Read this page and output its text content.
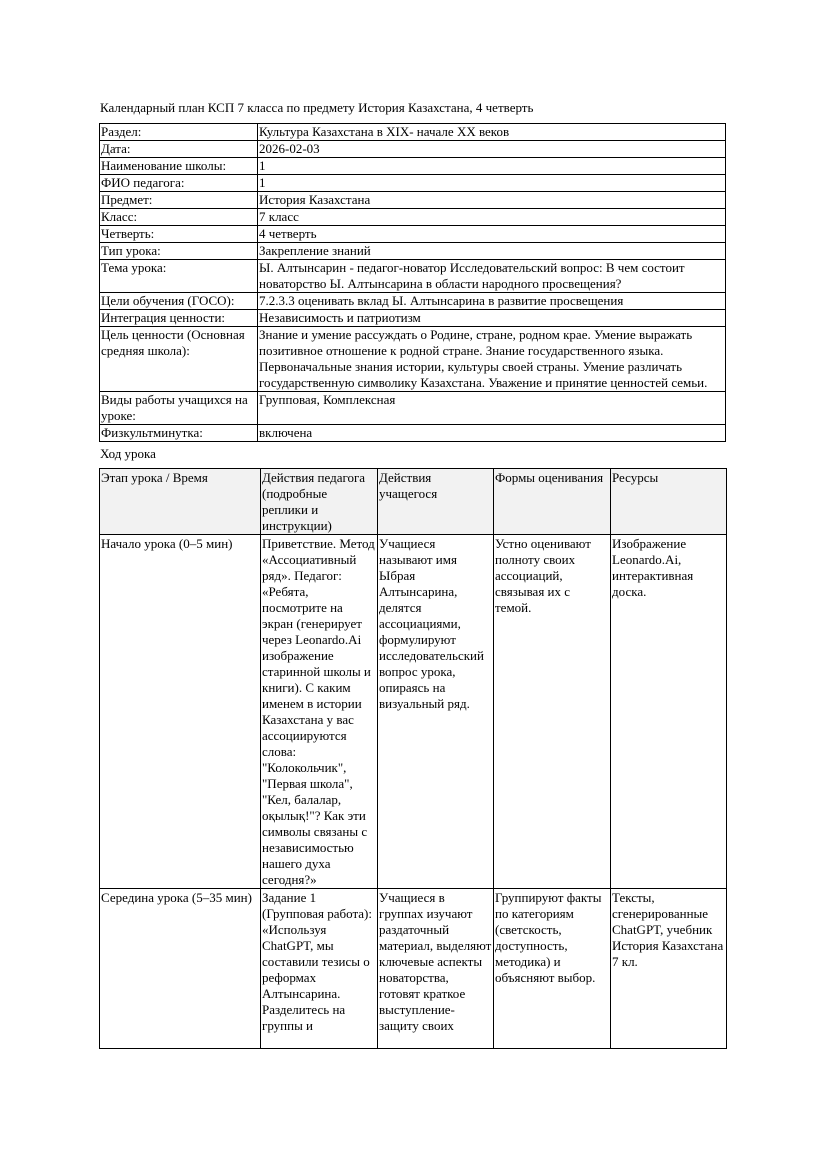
Календарный план КСП 7 класса по предмету История Казахстана, 4 четверть
Раздел:	Культура Казахстана в XIX- начале XX веков
Дата:	2026-02-03
Наименование школы:	1
ФИО педагога:	1
Предмет:	История Казахстана
Класс:	7 класс
Четверть:	4 четверть
Тип урока:	Закрепление знаний
Тема урока:	Ы. Алтынсарин - педагог-новатор Исследовательский вопрос: В чем состоит новаторство Ы. Алтынсарина в области народного просвещения?
Цели обучения (ГОСО):	7.2.3.3 оценивать вклад Ы. Алтынсарина в развитие просвещения
Интеграция ценности:	Независимость и патриотизм
Цель ценности (Основная средняя школа):	Знание и умение рассуждать о Родине, стране, родном крае. Умение выражать позитивное отношение к родной стране. Знание государственного языка. Первоначальные знания истории, культуры своей страны. Умение различать государственную символику Казахстана. Уважение и принятие ценностей семьи.
Виды работы учащихся на уроке:	Групповая, Комплексная
Физкультминутка:	включена
Ход урока
Этап урока / Время	Действия педагога (подробные реплики и инструкции)	Действия учащегося	Формы оценивания	Ресурсы
Начало урока (0–5 мин)	Приветствие. Метод «Ассоциативный ряд». Педагог: «Ребята, посмотрите на экран (генерирует через Leonardo.Ai изображение старинной школы и книги). С каким именем в истории Казахстана у вас ассоциируются слова: "Колокольчик", "Первая школа", "Кел, балалар, оқылық!"? Как эти символы связаны с независимостью нашего духа сегодня?»	Учащиеся называют имя Ыбрая Алтынсарина, делятся ассоциациями, формулируют исследовательский вопрос урока, опираясь на визуальный ряд.	Устно оценивают полноту своих ассоциаций, связывая их с темой.	Изображение Leonardo.Ai, интерактивная доска.
Середина урока (5–35 мин)	Задание 1 (Групповая работа): «Используя ChatGPT, мы составили тезисы о реформах Алтынсарина. Разделитесь на группы и	Учащиеся в группах изучают раздаточный материал, выделяют ключевые аспекты новаторства, готовят краткое выступление-защиту своих	Группируют факты по категориям (светскость, доступность, методика) и объясняют выбор.	Тексты, сгенерированные ChatGPT, учебник История Казахстана 7 кл.
